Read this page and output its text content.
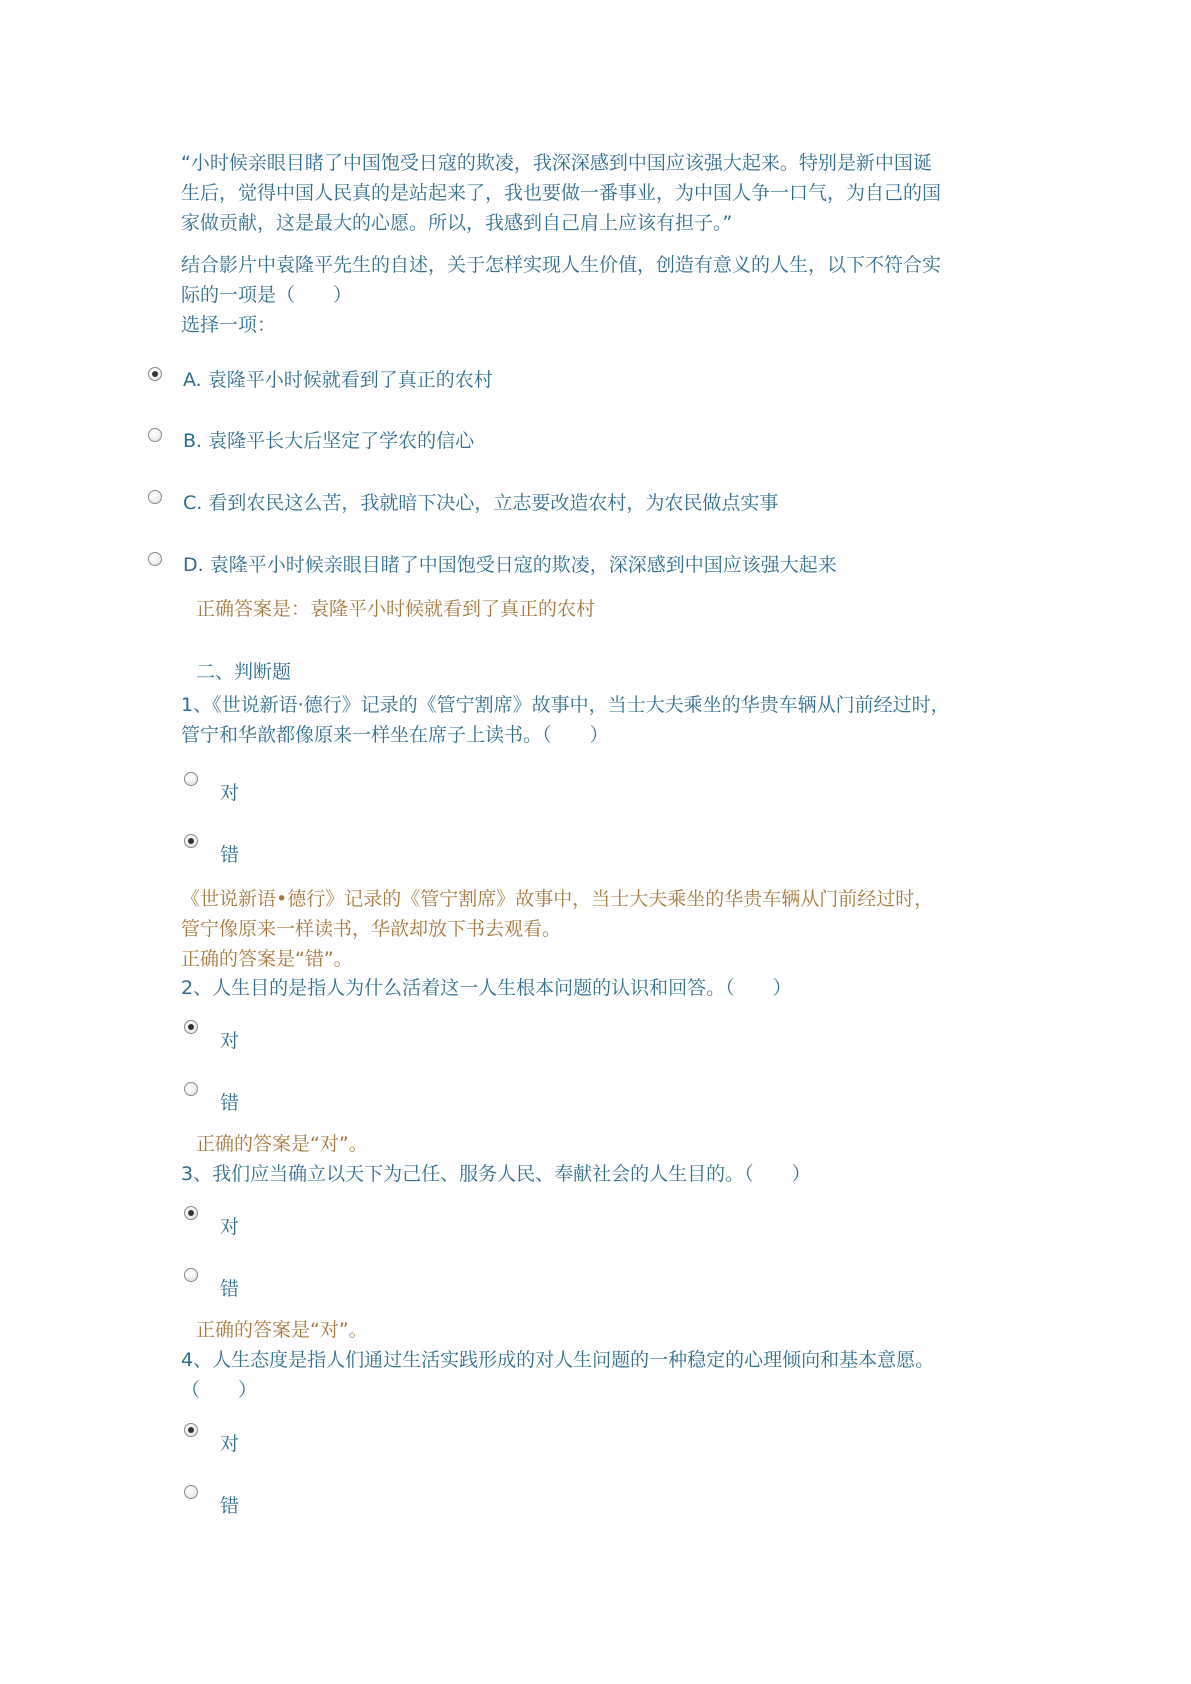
“小时候亲眼目睹了中国饱受日寇的欺凌，我深深感到中国应该强大起来。特别是新中国诞

生后，觉得中国人民真的是站起来了，我也要做一番事业，为中国人争一口气，为自己的国

家做贡献，这是最大的心愿。所以，我感到自己肩上应该有担子。”

结合影片中袁隆平先生的自述，关于怎样实现人生价值，创造有意义的人生，以下不符合实

际的一项是（　　）

选择一项：

A. 袁隆平小时候就看到了真正的农村
B. 袁隆平长大后坚定了学农的信心
C. 看到农民这么苦，我就暗下决心，立志要改造农村，为农民做点实事
D. 袁隆平小时候亲眼目睹了中国饱受日寇的欺凌，深深感到中国应该强大起来

正确答案是：袁隆平小时候就看到了真正的农村

二、判断题

1、《世说新语·德行》记录的《管宁割席》故事中，当士大夫乘坐的华贵车辆从门前经过时，

管宁和华歆都像原来一样坐在席子上读书。（　　）

对
错

《世说新语•德行》记录的《管宁割席》故事中，当士大夫乘坐的华贵车辆从门前经过时，

管宁像原来一样读书，华歆却放下书去观看。

正确的答案是“错”。

2、人生目的是指人为什么活着这一人生根本问题的认识和回答。（　　）

对
错

正确的答案是“对”。

3、我们应当确立以天下为己任、服务人民、奉献社会的人生目的。（　　）

对
错

正确的答案是“对”。

4、人生态度是指人们通过生活实践形成的对人生问题的一种稳定的心理倾向和基本意愿。

（　　）

对
错
